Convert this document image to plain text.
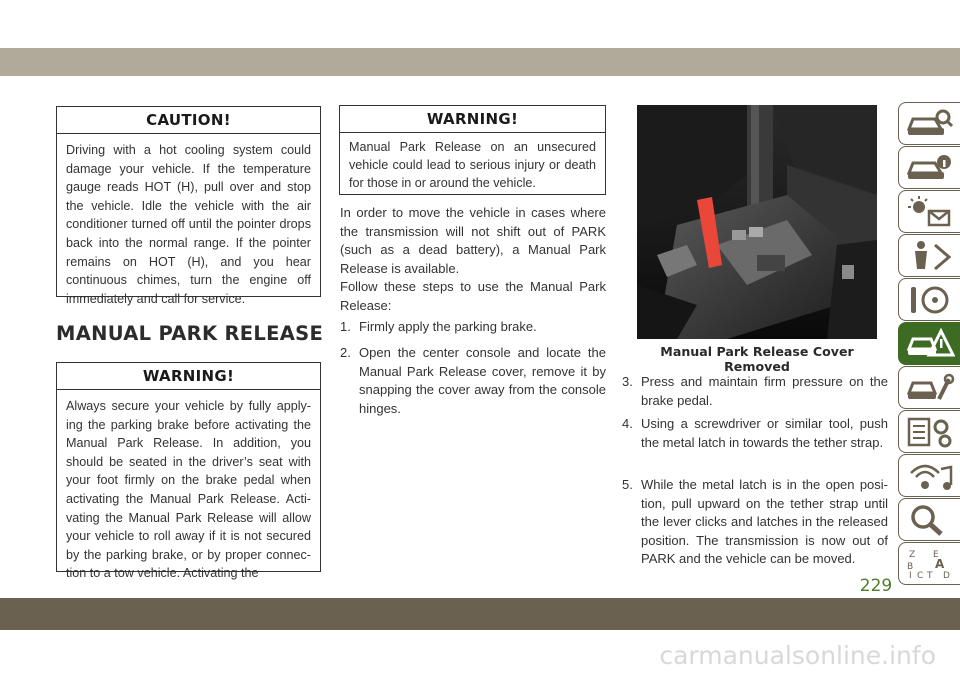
CAUTION!
Driving with a hot cooling system could damage your vehicle. If the temperature gauge reads HOT (H), pull over and stop the vehicle. Idle the vehicle with the air conditioner turned off until the pointer drops back into the normal range. If the pointer remains on HOT (H), and you hear continuous chimes, turn the engine off immediately and call for service.
MANUAL PARK RELEASE
WARNING!
Always secure your vehicle by fully apply-ing the parking brake before activating the Manual Park Release. In addition, you should be seated in the driver’s seat with your foot firmly on the brake pedal when activating the Manual Park Release. Acti-vating the Manual Park Release will allow your vehicle to roll away if it is not secured by the parking brake, or by proper connec-tion to a tow vehicle. Activating the
WARNING!
Manual Park Release on an unsecured vehicle could lead to serious injury or death for those in or around the vehicle.
In order to move the vehicle in cases where the transmission will not shift out of PARK (such as a dead battery), a Manual Park Release is available.
Follow these steps to use the Manual Park Release:
1. Firmly apply the parking brake.
2. Open the center console and locate the Manual Park Release cover, remove it by snapping the cover away from the console hinges.
3. Press and maintain firm pressure on the brake pedal.
4. Using a screwdriver or similar tool, push the metal latch in towards the tether strap.
5. While the metal latch is in the open posi-tion, pull upward on the tether strap until the lever clicks and latches in the released position. The transmission is now out of PARK and the vehicle can be moved.
Manual Park Release Cover Removed
Z E
A
B
C T D
I
229
carmanualsonline.info
